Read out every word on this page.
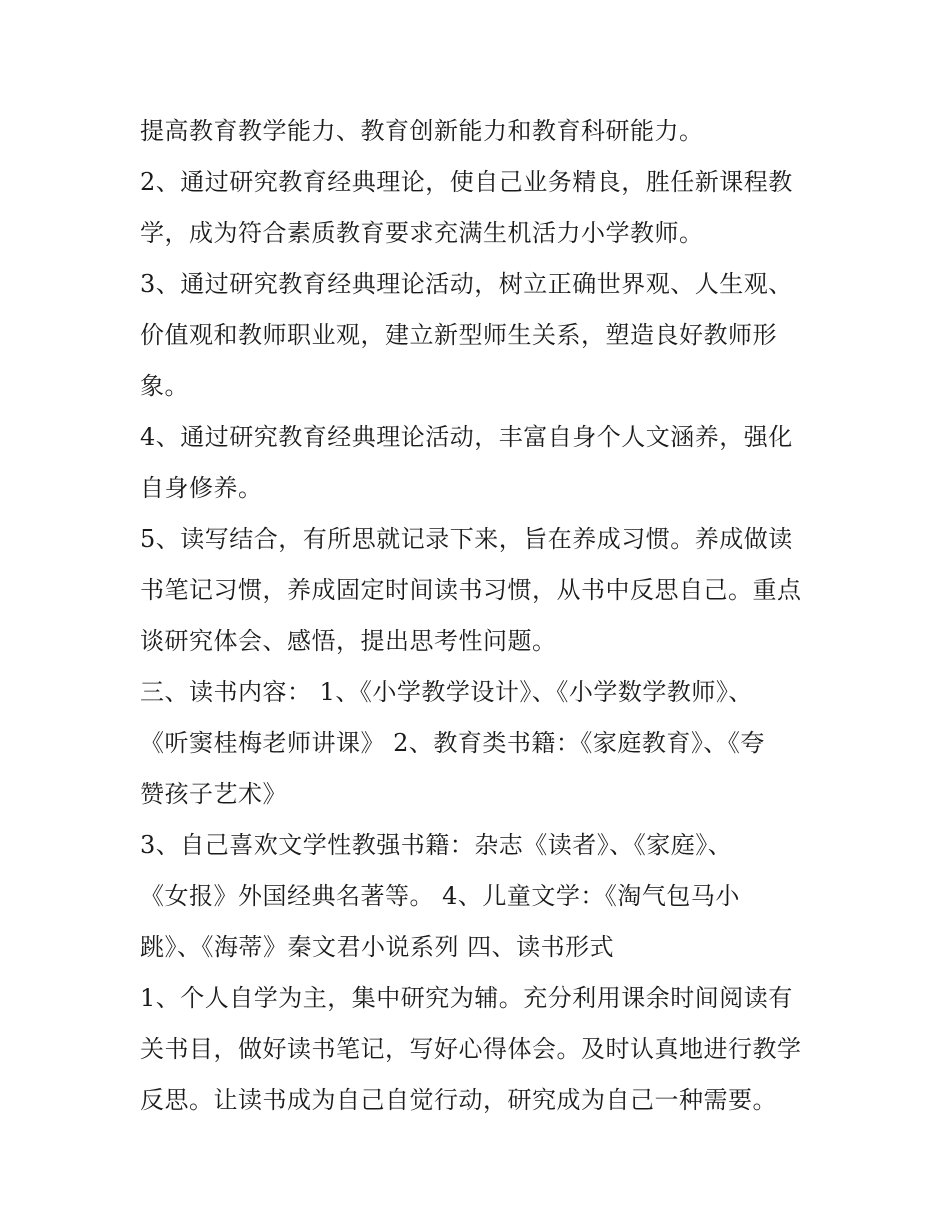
提高教育教学能力、教育创新能力和教育科研能力。
2、通过研究教育经典理论，使自己业务精良，胜任新课程教
学，成为符合素质教育要求充满生机活力小学教师。
3、通过研究教育经典理论活动，树立正确世界观、人生观、
价值观和教师职业观，建立新型师生关系，塑造良好教师形
象。
4、通过研究教育经典理论活动，丰富自身个人文涵养，强化
自身修养。
5、读写结合，有所思就记录下来，旨在养成习惯。养成做读
书笔记习惯，养成固定时间读书习惯，从书中反思自己。重点
谈研究体会、感悟，提出思考性问题。
三、读书内容： 1、《小学教学设计》、《小学数学教师》、
《听窦桂梅老师讲课》 2、教育类书籍：《家庭教育》、《夸
赞孩子艺术》
3、自己喜欢文学性教强书籍：杂志《读者》、《家庭》、
《女报》外国经典名著等。 4、儿童文学：《淘气包马小
跳》、《海蒂》秦文君小说系列 四、读书形式
1、个人自学为主，集中研究为辅。充分利用课余时间阅读有
关书目，做好读书笔记，写好心得体会。及时认真地进行教学
反思。让读书成为自己自觉行动，研究成为自己一种需要。
